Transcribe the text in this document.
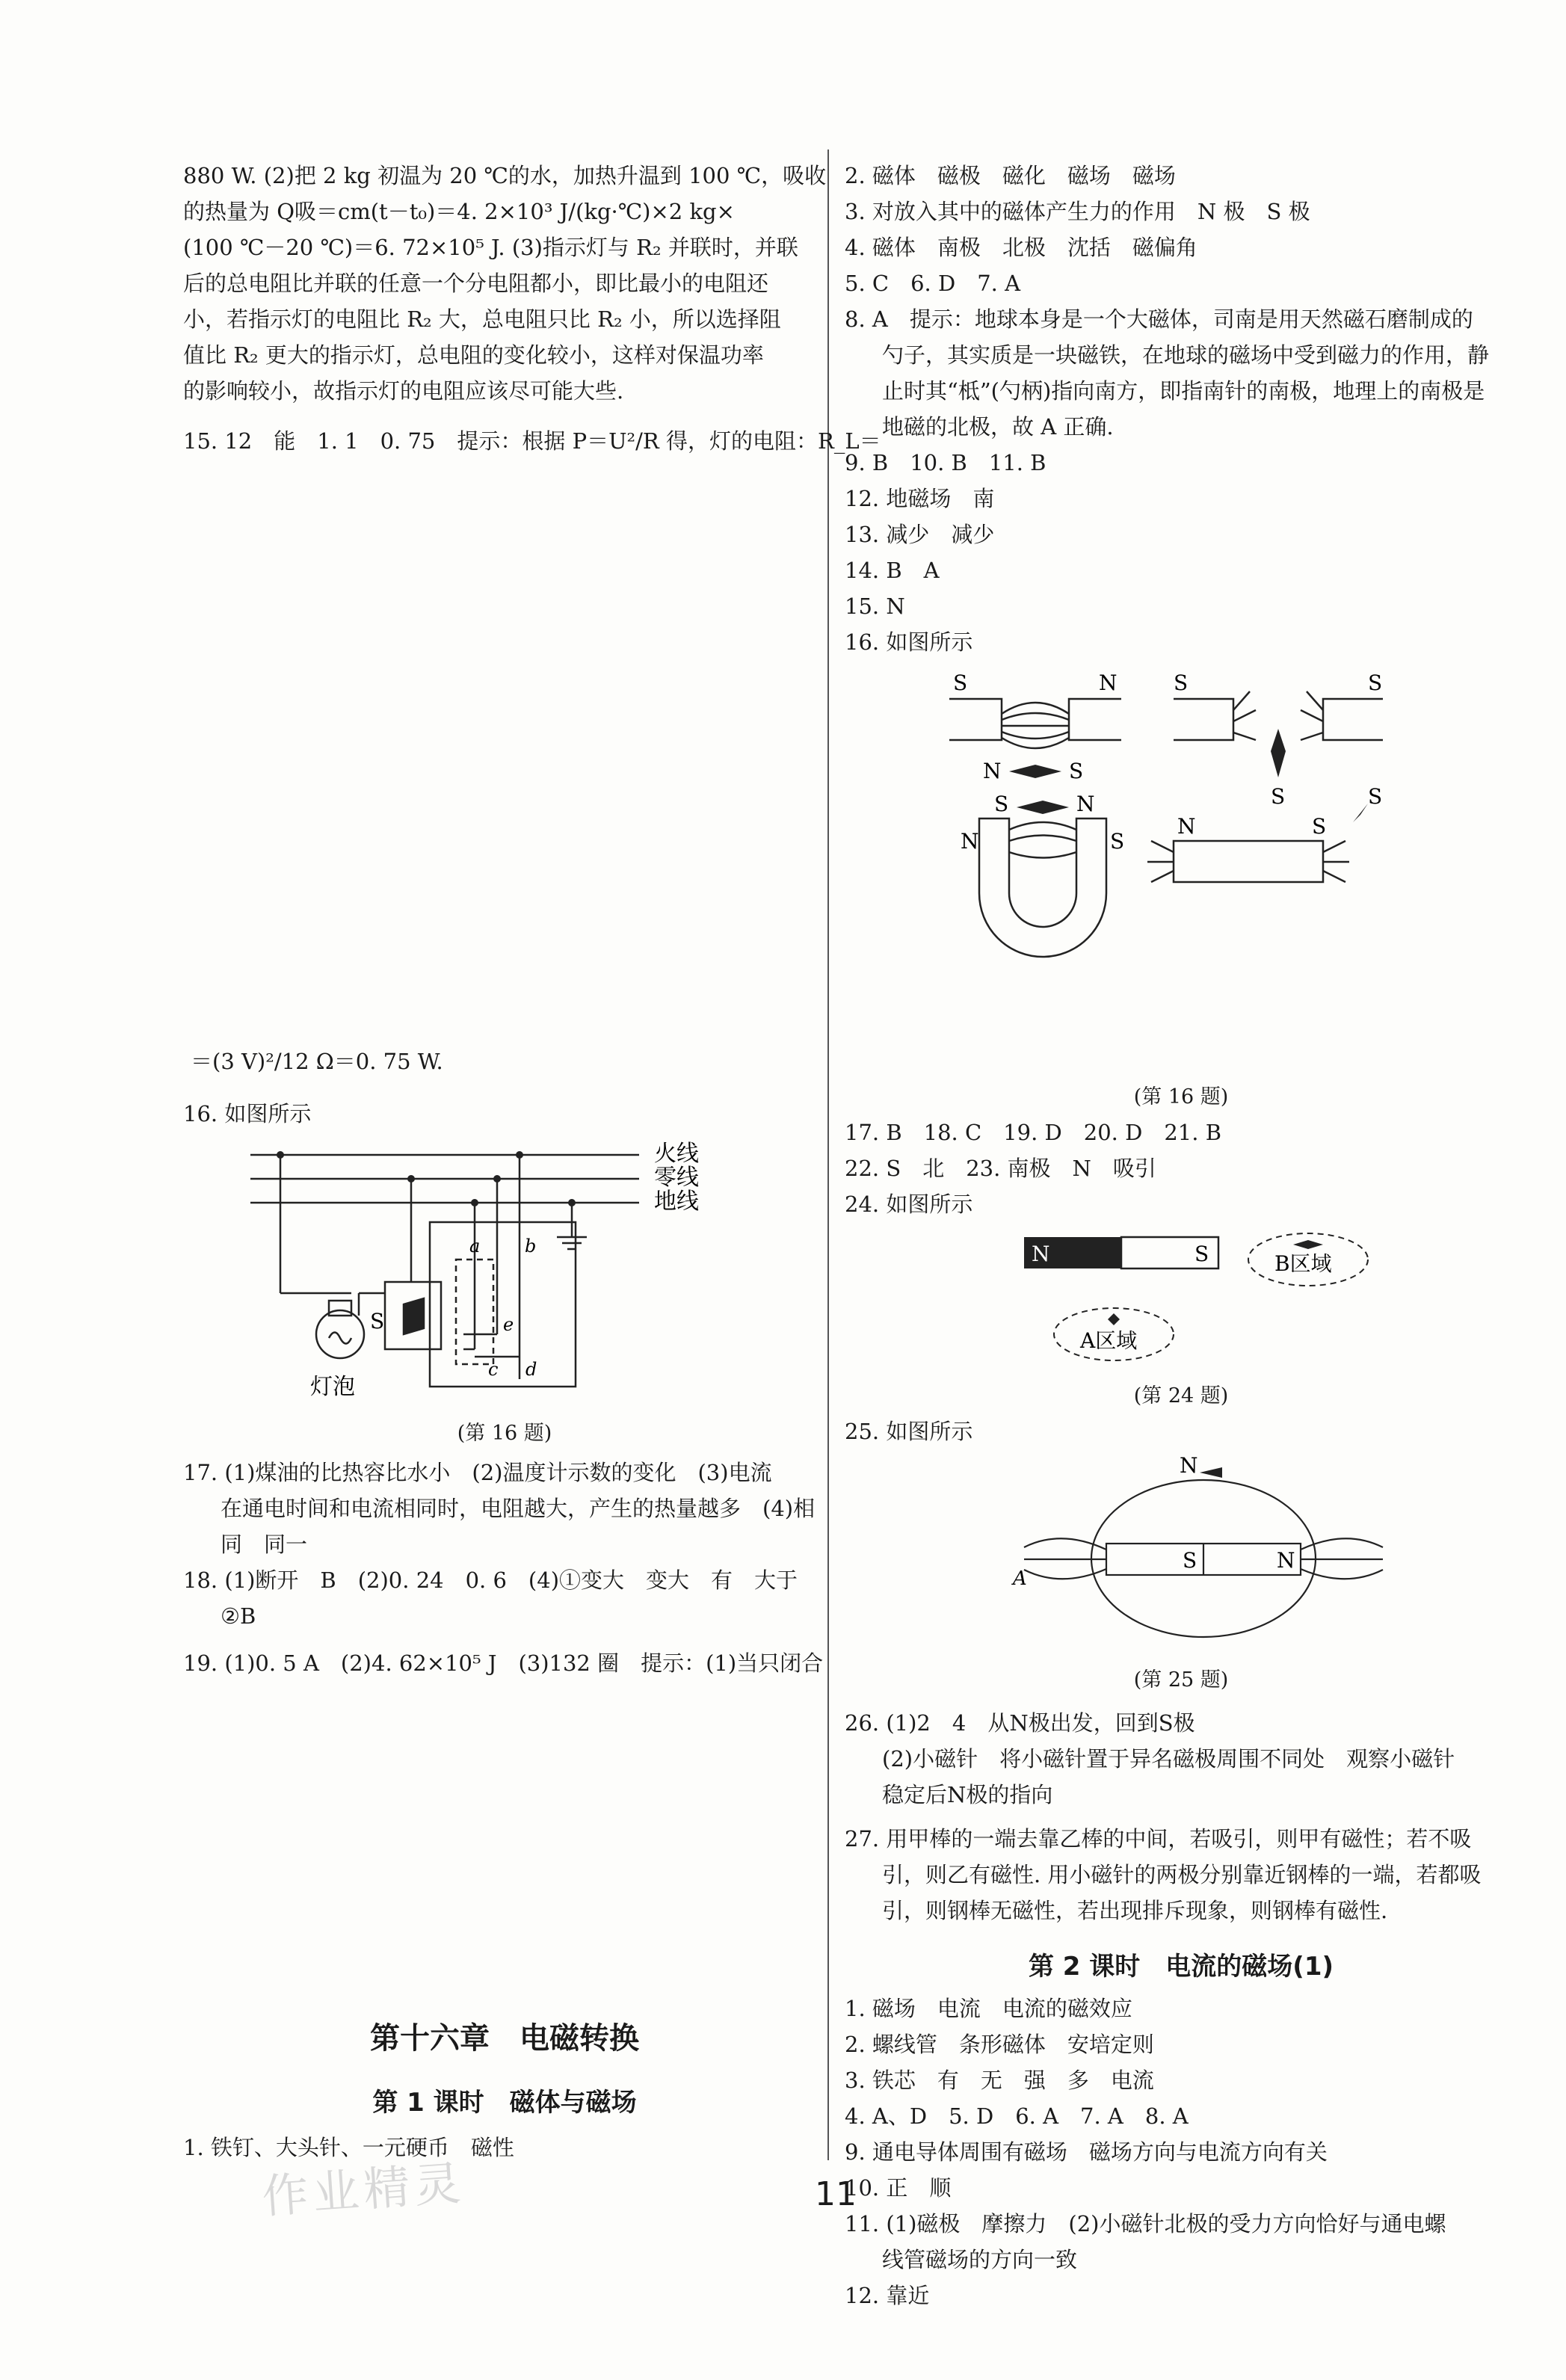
880 W. (2)把 2 kg 初温为 20 ℃的水，加热升温到 100 ℃，吸收
的热量为 Q吸＝cm(t－t₀)＝4. 2×10³ J/(kg·℃)×2 kg×
(100 ℃－20 ℃)＝6. 72×10⁵ J. (3)指示灯与 R₂ 并联时，并联
后的总电阻比并联的任意一个分电阻都小，即比最小的电阻还
小，若指示灯的电阻比 R₂ 大，总电阻只比 R₂ 小，所以选择阻
值比 R₂ 更大的指示灯，总电阻的变化较小，这样对保温功率
的影响较小，故指示灯的电阻应该尽可能大些.
15. 12　能　1. 1　0. 75　提示：根据 P＝U²/R 得，灯的电阻：R_L＝
＝(3 V)²/12 Ω＝0. 75 W.
16. 如图所示
火线
零线
地线
S
灯泡
a b
e
c d
(第 16 题)
17. (1)煤油的比热容比水小　(2)温度计示数的变化　(3)电流
在通电时间和电流相同时，电阻越大，产生的热量越多　(4)相
同　同一
18. (1)断开　B　(2)0. 24　0. 6　(4)①变大　变大　有　大于
②B
19. (1)0. 5 A　(2)4. 62×10⁵ J　(3)132 圈　提示：(1)当只闭合
第十六章　电磁转换
第 1 课时　磁体与磁场
1. 铁钉、大头针、一元硬币　磁性
2. 磁体　磁极　磁化　磁场　磁场
3. 对放入其中的磁体产生力的作用　N 极　S 极
4. 磁体　南极　北极　沈括　磁偏角
5. C　6. D　7. A
8. A　提示：地球本身是一个大磁体，司南是用天然磁石磨制成的
勺子，其实质是一块磁铁，在地球的磁场中受到磁力的作用，静
止时其“柢”(勺柄)指向南方，即指南针的南极，地理上的南极是
地磁的北极，故 A 正确.
9. B　10. B　11. B
12. 地磁场　南
13. 减少　减少
14. B　A
15. N
16. 如图所示
S	N	S	S
N	S
S
S	N
N	S
N	S
S
(第 16 题)
17. B　18. C　19. D　20. D　21. B
22. S　北　23. 南极　N　吸引
24. 如图所示
N	S	B区域
A区域
(第 24 题)
25. 如图所示
N
S	N
A
(第 25 题)
26. (1)2　4　从N极出发，回到S极
(2)小磁针　将小磁针置于异名磁极周围不同处　观察小磁针
稳定后N极的指向
27. 用甲棒的一端去靠乙棒的中间，若吸引，则甲有磁性；若不吸
引，则乙有磁性. 用小磁针的两极分别靠近钢棒的一端，若都吸
引，则钢棒无磁性，若出现排斥现象，则钢棒有磁性.
第 2 课时　电流的磁场(1)
1. 磁场　电流　电流的磁效应
2. 螺线管　条形磁体　安培定则
3. 铁芯　有　无　强　多　电流
4. A、D　5. D　6. A　7. A　8. A
9. 通电导体周围有磁场　磁场方向与电流方向有关
10. 正　顺
11. (1)磁极　摩擦力　(2)小磁针北极的受力方向恰好与通电螺
线管磁场的方向一致
12. 靠近
作业精灵	11
